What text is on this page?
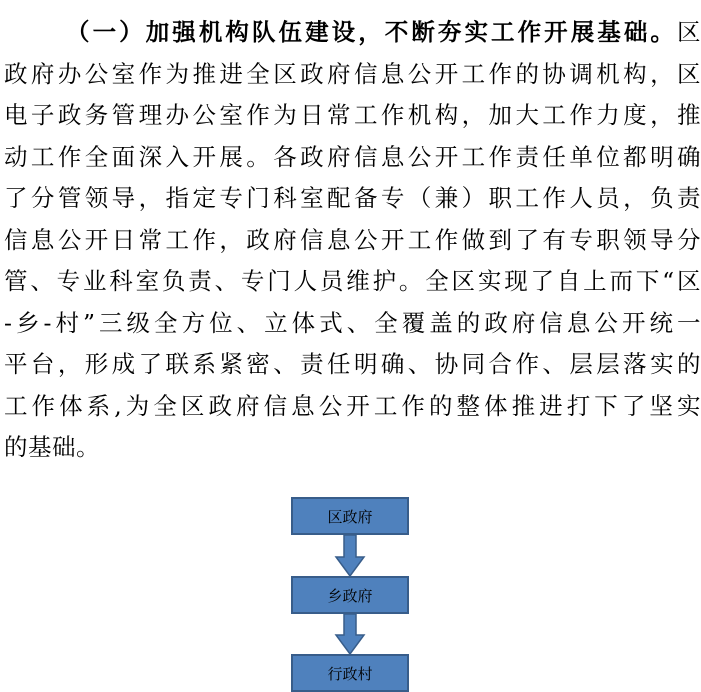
（一）加强机构队伍建设，不断夯实工作开展基础。区
政府办公室作为推进全区政府信息公开工作的协调机构，区
电子政务管理办公室作为日常工作机构，加大工作力度，推
动工作全面深入开展。各政府信息公开工作责任单位都明确
了分管领导，指定专门科室配备专（兼）职工作人员，负责
信息公开日常工作，政府信息公开工作做到了有专职领导分
管、专业科室负责、专门人员维护。全区实现了自上而下“区
-乡-村”三级全方位、立体式、全覆盖的政府信息公开统一
平台，形成了联系紧密、责任明确、协同合作、层层落实的
工作体系,为全区政府信息公开工作的整体推进打下了坚实
的基础。
区政府
乡政府
行政村
